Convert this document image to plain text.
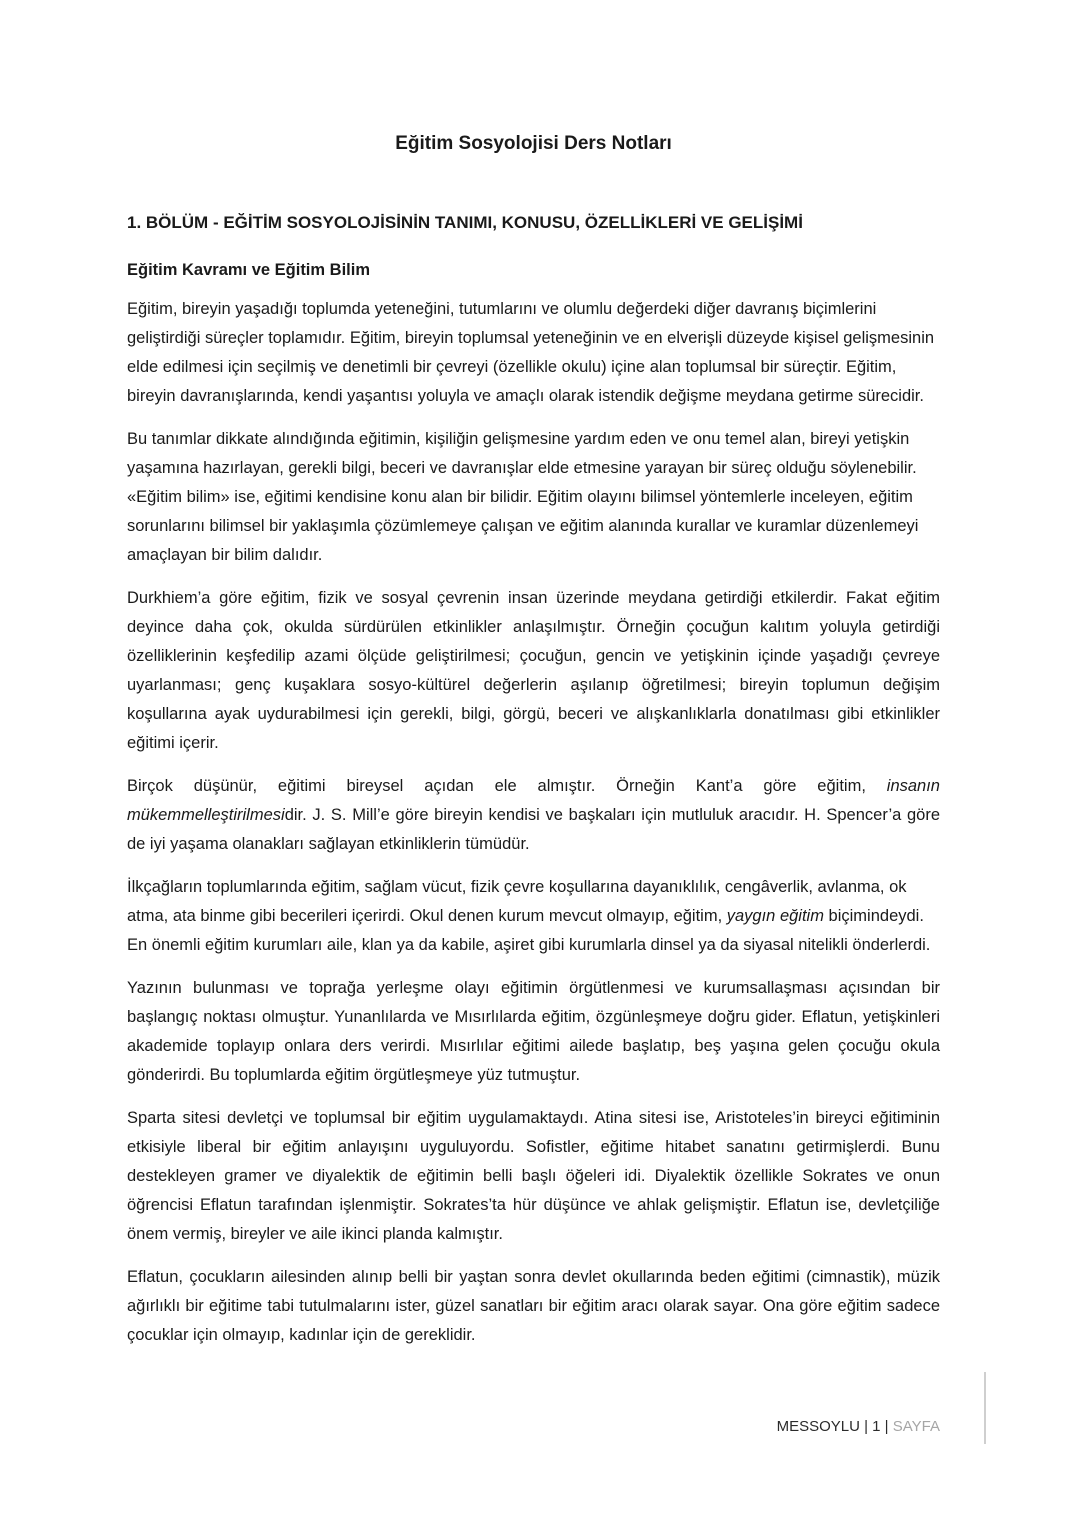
Eğitim Sosyolojisi Ders Notları
1. BÖLÜM - EĞİTİM SOSYOLOJİSİNİN TANIMI, KONUSU, ÖZELLİKLERİ VE GELİŞİMİ
Eğitim Kavramı ve Eğitim Bilim

Eğitim, bireyin yaşadığı toplumda yeteneğini, tutumlarını ve olumlu değerdeki diğer davranış biçimlerini geliştirdiği süreçler toplamıdır. Eğitim, bireyin toplumsal yeteneğinin ve en elverişli düzeyde kişisel gelişmesinin elde edilmesi için seçilmiş ve denetimli bir çevreyi (özellikle okulu) içine alan toplumsal bir süreçtir. Eğitim, bireyin davranışlarında, kendi yaşantısı yoluyla ve amaçlı olarak istendik değişme meydana getirme sürecidir.

Bu tanımlar dikkate alındığında eğitimin, kişiliğin gelişmesine yardım eden ve onu temel alan, bireyi yetişkin yaşamına hazırlayan, gerekli bilgi, beceri ve davranışlar elde etmesine yarayan bir süreç olduğu söylenebilir. «Eğitim bilim» ise, eğitimi kendisine konu alan bir bilidir. Eğitim olayını bilimsel yöntemlerle inceleyen, eğitim sorunlarını bilimsel bir yaklaşımla çözümlemeye çalışan ve eğitim alanında kurallar ve kuramlar düzenlemeyi amaçlayan bir bilim dalıdır.

Durkhiem’a göre eğitim, fizik ve sosyal çevrenin insan üzerinde meydana getirdiği etkilerdir. Fakat eğitim deyince daha çok, okulda sürdürülen etkinlikler anlaşılmıştır. Örneğin çocuğun kalıtım yoluyla getirdiği özelliklerinin keşfedilip azami ölçüde geliştirilmesi; çocuğun, gencin ve yetişkinin içinde yaşadığı çevreye uyarlanması; genç kuşaklara sosyo-kültürel değerlerin aşılanıp öğretilmesi; bireyin toplumun değişim koşullarına ayak uydurabilmesi için gerekli, bilgi, görgü, beceri ve alışkanlıklarla donatılması gibi etkinlikler eğitimi içerir.

Birçok düşünür, eğitimi bireysel açıdan ele almıştır. Örneğin Kant’a göre eğitim, insanın mükemmelleştirilmesidir. J. S. Mill’e göre bireyin kendisi ve başkaları için mutluluk aracıdır. H. Spencer’a göre de iyi yaşama olanakları sağlayan etkinliklerin tümüdür.

İlkçağların toplumlarında eğitim, sağlam vücut, fizik çevre koşullarına dayanıklılık, cengâverlik, avlanma, ok atma, ata binme gibi becerileri içerirdi. Okul denen kurum mevcut olmayıp, eğitim, yaygın eğitim biçimindeydi. En önemli eğitim kurumları aile, klan ya da kabile, aşiret gibi kurumlarla dinsel ya da siyasal nitelikli önderlerdi.

Yazının bulunması ve toprağa yerleşme olayı eğitimin örgütlenmesi ve kurumsallaşması açısından bir başlangıç noktası olmuştur. Yunanlılarda ve Mısırlılarda eğitim, özgünleşmeye doğru gider. Eflatun, yetişkinleri akademide toplayıp onlara ders verirdi. Mısırlılar eğitimi ailede başlatıp, beş yaşına gelen çocuğu okula gönderirdi. Bu toplumlarda eğitim örgütleşmeye yüz tutmuştur.

Sparta sitesi devletçi ve toplumsal bir eğitim uygulamaktaydı. Atina sitesi ise, Aristoteles’in bireyci eğitiminin etkisiyle liberal bir eğitim anlayışını uyguluyordu. Sofistler, eğitime hitabet sanatını getirmişlerdi. Bunu destekleyen gramer ve diyalektik de eğitimin belli başlı öğeleri idi. Diyalektik özellikle Sokrates ve onun öğrencisi Eflatun tarafından işlenmiştir. Sokrates’ta hür düşünce ve ahlak gelişmiştir. Eflatun ise, devletçiliğe önem vermiş, bireyler ve aile ikinci planda kalmıştır.

Eflatun, çocukların ailesinden alınıp belli bir yaştan sonra devlet okullarında beden eğitimi (cimnastik), müzik ağırlıklı bir eğitime tabi tutulmalarını ister, güzel sanatları bir eğitim aracı olarak sayar. Ona göre eğitim sadece çocuklar için olmayıp, kadınlar için de gereklidir.

MESSOYLU | 1 | SAYFA
